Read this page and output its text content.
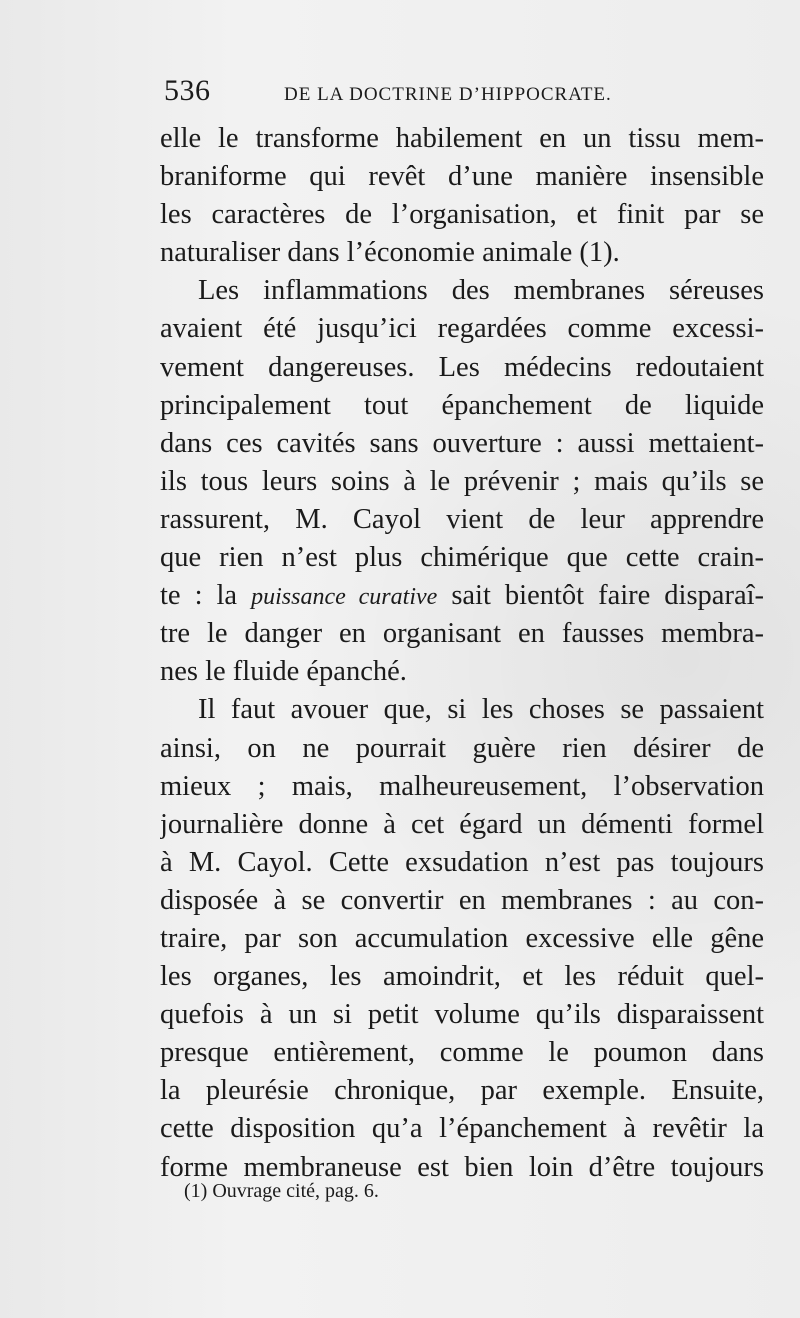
536	DE LA DOCTRINE D’HIPPOCRATE.
elle le transforme habilement en un tissu mem-
braniforme qui revêt d’une manière insensible
les caractères de l’organisation, et finit par se
naturaliser dans l’économie animale (1).
Les inflammations des membranes séreuses
avaient été jusqu’ici regardées comme excessi-
vement dangereuses. Les médecins redoutaient
principalement tout épanchement de liquide
dans ces cavités sans ouverture : aussi mettaient-
ils tous leurs soins à le prévenir ; mais qu’ils se
rassurent, M. Cayol vient de leur apprendre
que rien n’est plus chimérique que cette crain-
te : la puissance curative sait bientôt faire disparaî-
tre le danger en organisant en fausses membra-
nes le fluide épanché.
Il faut avouer que, si les choses se passaient
ainsi, on ne pourrait guère rien désirer de
mieux ; mais, malheureusement, l’observation
journalière donne à cet égard un démenti formel
à M. Cayol. Cette exsudation n’est pas toujours
disposée à se convertir en membranes : au con-
traire, par son accumulation excessive elle gêne
les organes, les amoindrit, et les réduit quel-
quefois à un si petit volume qu’ils disparaissent
presque entièrement, comme le poumon dans
la pleurésie chronique, par exemple. Ensuite,
cette disposition qu’a l’épanchement à revêtir la
forme membraneuse est bien loin d’être toujours
(1) Ouvrage cité, pag. 6.
